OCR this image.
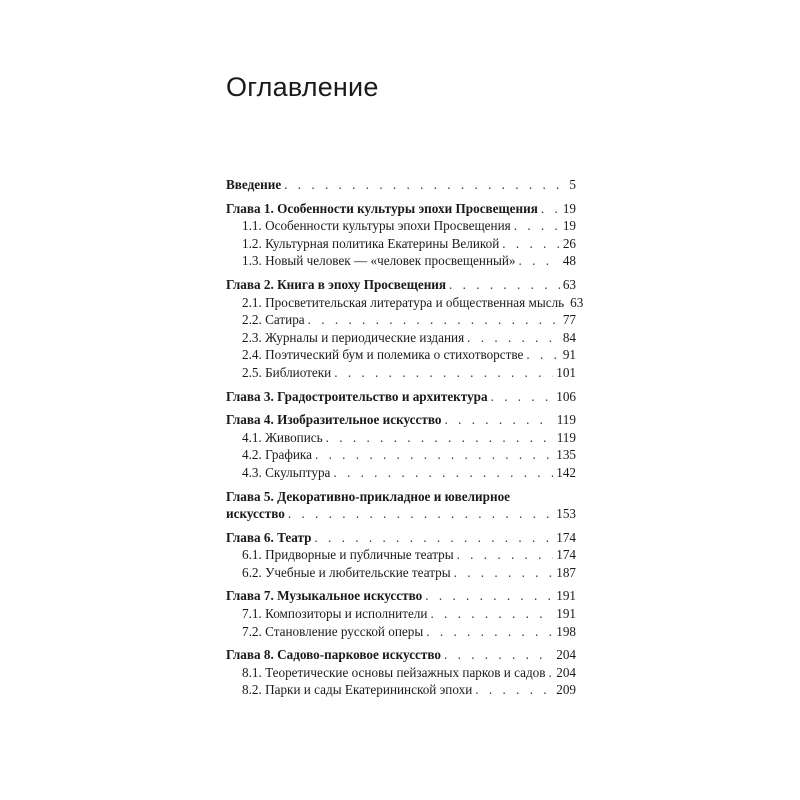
Оглавление
Введение . . .	5
Глава 1. Особенности культуры эпохи Просвещения . . . 19
1.1. Особенности культуры эпохи Просвещения . . .	19
1.2. Культурная политика Екатерины Великой . . .	26
1.3. Новый человек — «человек просвещенный» . . .	48
Глава 2. Книга в эпоху Просвещения . . .	63
2.1. Просветительская литература и общественная мысль 63
2.2. Сатира . . .	77
2.3. Журналы и периодические издания . . .	84
2.4. Поэтический бум и полемика о стихотворстве . . .	91
2.5. Библиотеки . . .	101
Глава 3. Градостроительство и архитектура . . .	106
Глава 4. Изобразительное искусство . . .	119
4.1. Живопись . . .	119
4.2. Графика . . .	135
4.3. Скульптура . . .	142
Глава 5. Декоративно-прикладное и ювелирное
искусство . . .	153
Глава 6. Театр . . .	174
6.1. Придворные и публичные театры . . .	174
6.2. Учебные и любительские театры . . .	187
Глава 7. Музыкальное искусство . . .	191
7.1. Композиторы и исполнители . . .	191
7.2. Становление русской оперы . . .	198
Глава 8. Садово-парковое искусство . . .	204
8.1. Теоретические основы пейзажных парков и садов . . . 204
8.2. Парки и сады Екатерининской эпохи . . .	209
